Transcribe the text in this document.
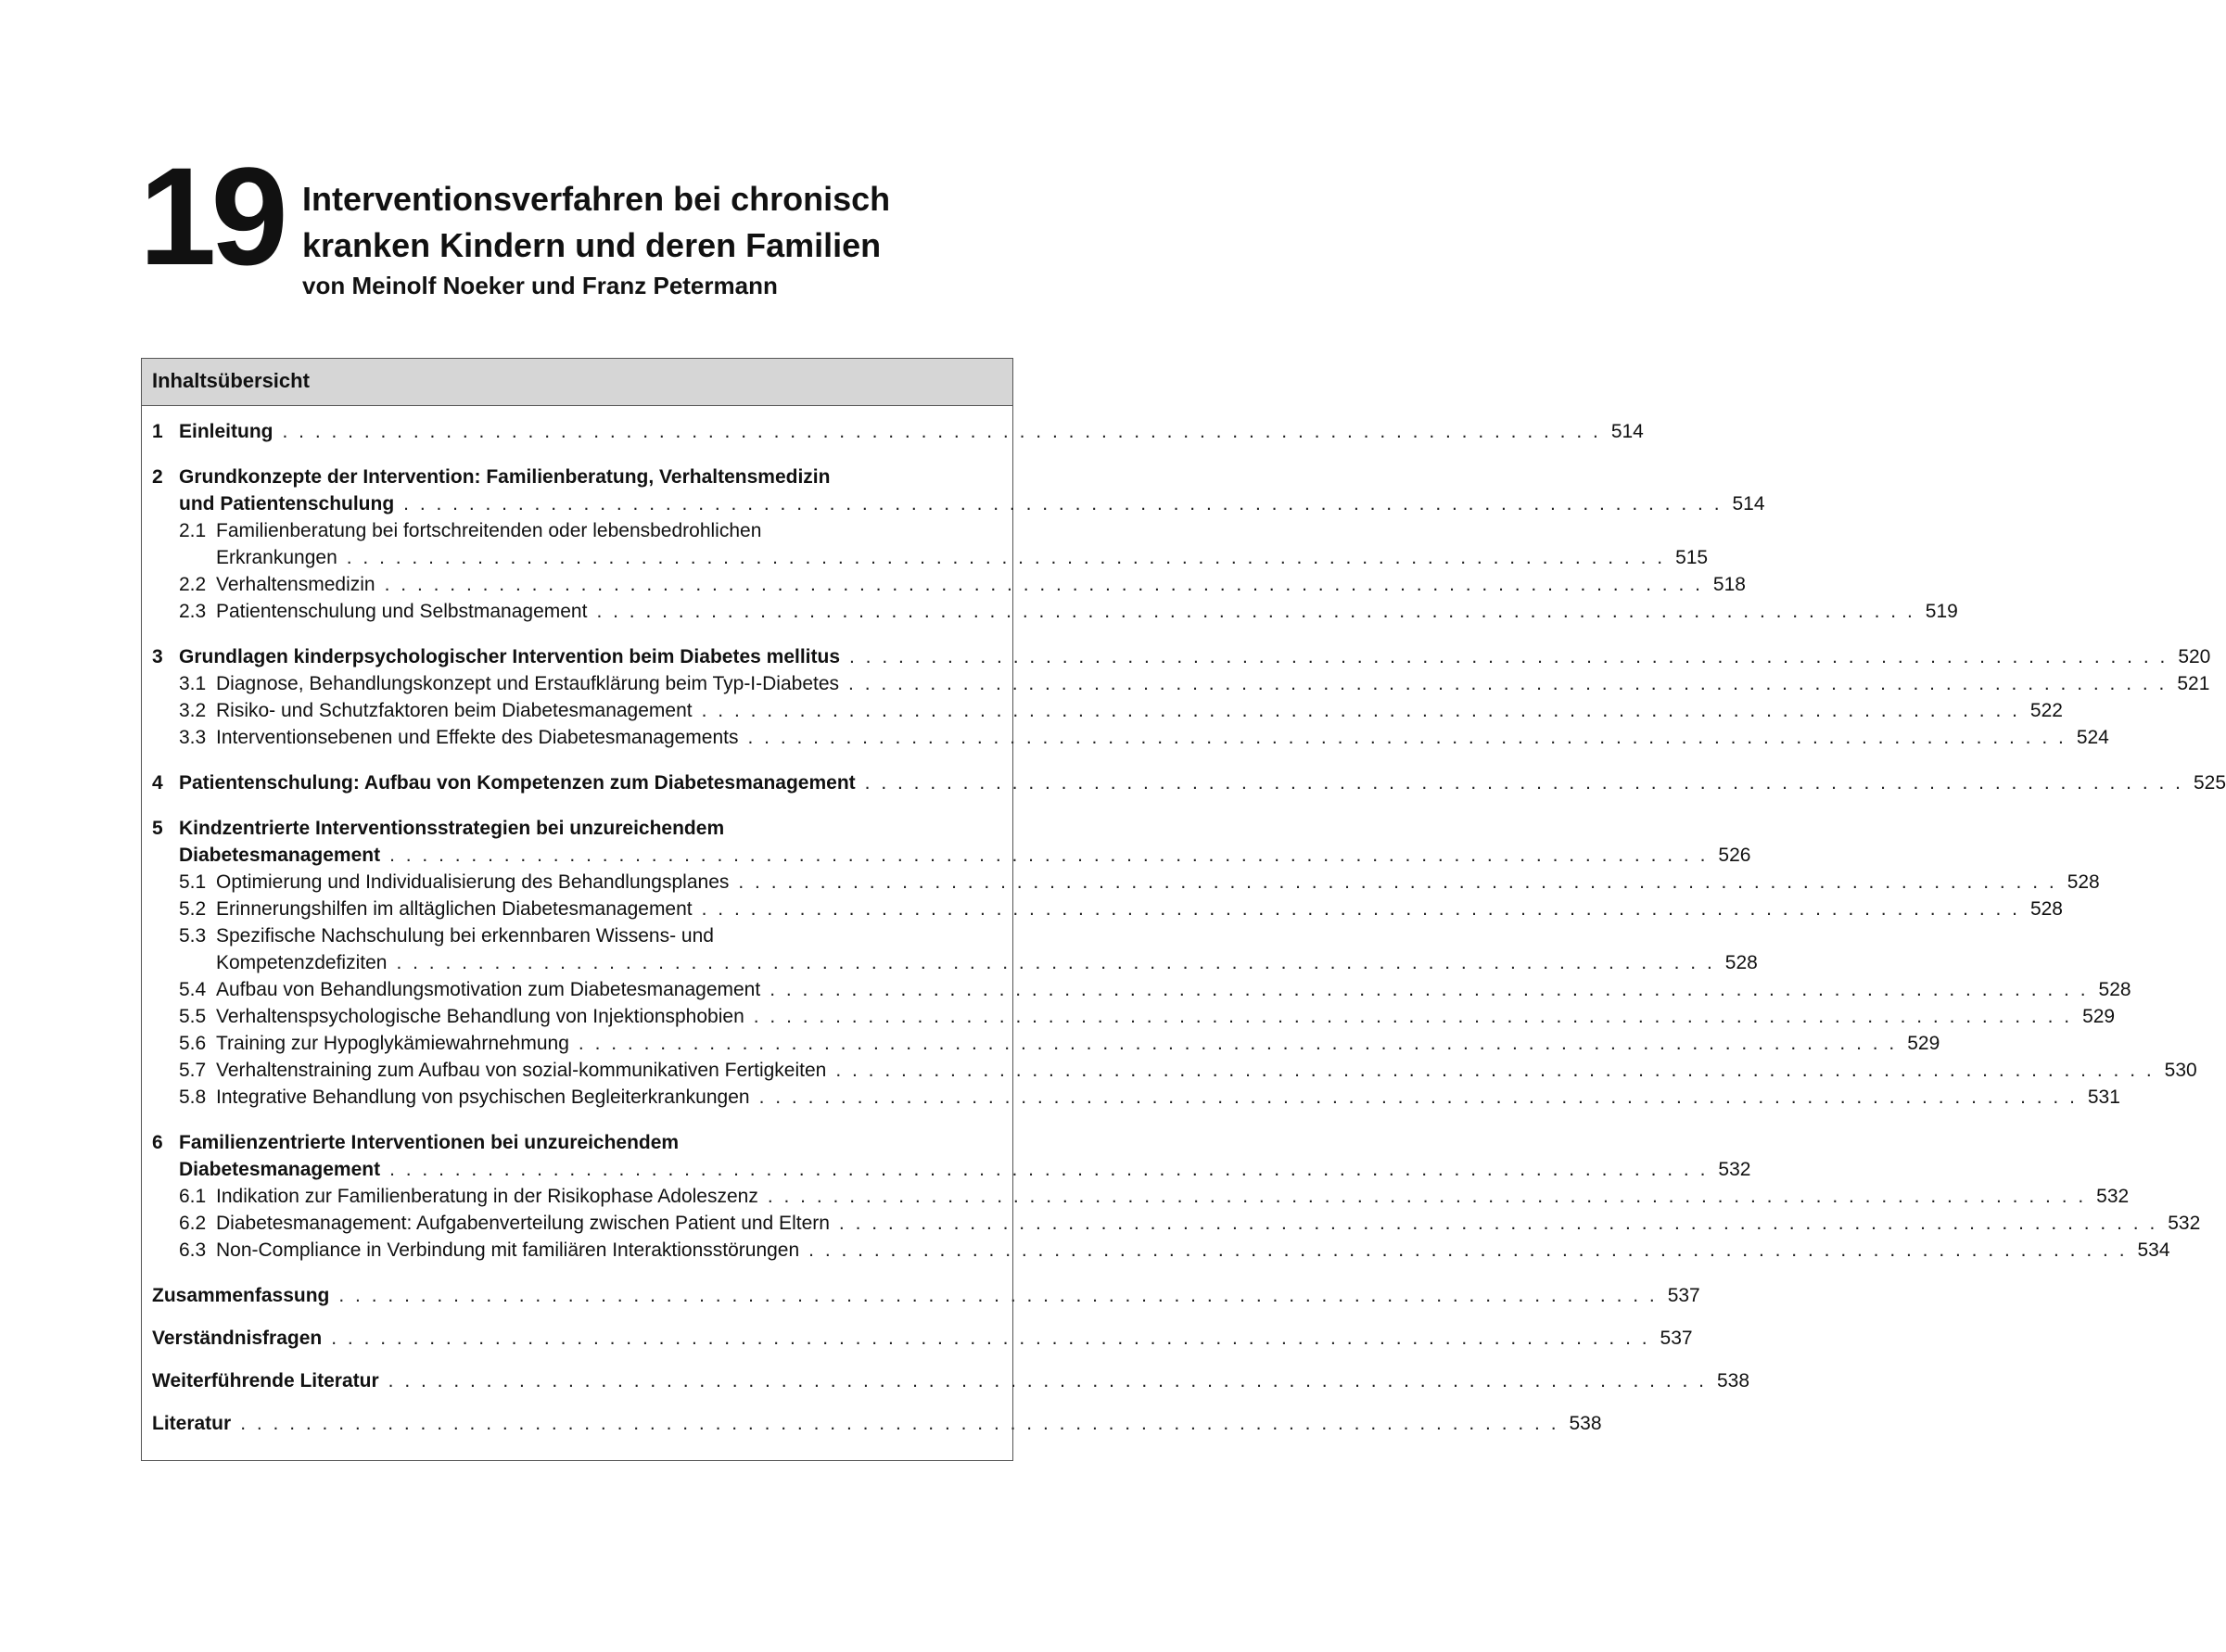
19 Interventionsverfahren bei chronisch
kranken Kindern und deren Familien
von Meinolf Noeker und Franz Petermann
Inhaltsübersicht
1 Einleitung . . . . . . . . . . . . . . . . . . . . . . . . . . . . . . . . . . . . . . . . . . . . . . . . . . . . . . . . . . . . . . . . . . . . . . . . . . . . . . . . . 514
2 Grundkonzepte der Intervention: Familienberatung, Verhaltensmedizin
und Patientenschulung . . . . . . . . . . . . . . . . . . . . . . . . . . . . . . . . . . . . . . . . . . . . . . . . . . . . . . . . . . . . . . . . . . . . . . . . . . . . . . . . . 514
2.1 Familienberatung bei fortschreitenden oder lebensbedrohlichen
Erkrankungen . . . . . . . . . . . . . . . . . . . . . . . . . . . . . . . . . . . . . . . . . . . . . . . . . . . . . . . . . . . . . . . . . . . . . . . . . . . . . . . . . 515
2.2 Verhaltensmedizin . . . . . . . . . . . . . . . . . . . . . . . . . . . . . . . . . . . . . . . . . . . . . . . . . . . . . . . . . . . . . . . . . . . . . . . . . . . . . . . . . 518
2.3 Patientenschulung und Selbstmanagement . . . . . . . . . . . . . . . . . . . . . . . . . . . . . . . . . . . . . . . . . . . . . . . . . . . . . . . . . . . . . . . . . . . . . . . . . . . . . . . . . 519
3 Grundlagen kinderpsychologischer Intervention beim Diabetes mellitus . . . . . . . . . . . . . . . . . . . . . . . . . . . . . . . . . . . . . . . . . . . . . . . . . . . . . . . . . . . . . . . . . . . . . . . . . . . . . . . . . 520
3.1 Diagnose, Behandlungskonzept und Erstaufklärung beim Typ-I-Diabetes . . . . . . . . . . . . . . . . . . . . . . . . . . . . . . . . . . . . . . . . . . . . . . . . . . . . . . . . . . . . . . . . . . . . . . . . . . . . . . . . . 521
3.2 Risiko- und Schutzfaktoren beim Diabetesmanagement . . . . . . . . . . . . . . . . . . . . . . . . . . . . . . . . . . . . . . . . . . . . . . . . . . . . . . . . . . . . . . . . . . . . . . . . . . . . . . . . . 522
3.3 Interventionsebenen und Effekte des Diabetesmanagements . . . . . . . . . . . . . . . . . . . . . . . . . . . . . . . . . . . . . . . . . . . . . . . . . . . . . . . . . . . . . . . . . . . . . . . . . . . . . . . . . 524
4 Patientenschulung: Aufbau von Kompetenzen zum Diabetesmanagement . . . . . . . . . . . . . . . . . . . . . . . . . . . . . . . . . . . . . . . . . . . . . . . . . . . . . . . . . . . . . . . . . . . . . . . . . . . . . . . . . 525
5 Kindzentrierte Interventionsstrategien bei unzureichendem
Diabetesmanagement . . . . . . . . . . . . . . . . . . . . . . . . . . . . . . . . . . . . . . . . . . . . . . . . . . . . . . . . . . . . . . . . . . . . . . . . . . . . . . . . . 526
5.1 Optimierung und Individualisierung des Behandlungsplanes . . . . . . . . . . . . . . . . . . . . . . . . . . . . . . . . . . . . . . . . . . . . . . . . . . . . . . . . . . . . . . . . . . . . . . . . . . . . . . . . . 528
5.2 Erinnerungshilfen im alltäglichen Diabetesmanagement . . . . . . . . . . . . . . . . . . . . . . . . . . . . . . . . . . . . . . . . . . . . . . . . . . . . . . . . . . . . . . . . . . . . . . . . . . . . . . . . . 528
5.3 Spezifische Nachschulung bei erkennbaren Wissens- und
Kompetenzdefiziten . . . . . . . . . . . . . . . . . . . . . . . . . . . . . . . . . . . . . . . . . . . . . . . . . . . . . . . . . . . . . . . . . . . . . . . . . . . . . . . . . 528
5.4 Aufbau von Behandlungsmotivation zum Diabetesmanagement . . . . . . . . . . . . . . . . . . . . . . . . . . . . . . . . . . . . . . . . . . . . . . . . . . . . . . . . . . . . . . . . . . . . . . . . . . . . . . . . . 528
5.5 Verhaltenspsychologische Behandlung von Injektionsphobien . . . . . . . . . . . . . . . . . . . . . . . . . . . . . . . . . . . . . . . . . . . . . . . . . . . . . . . . . . . . . . . . . . . . . . . . . . . . . . . . . 529
5.6 Training zur Hypoglykämiewahrnehmung . . . . . . . . . . . . . . . . . . . . . . . . . . . . . . . . . . . . . . . . . . . . . . . . . . . . . . . . . . . . . . . . . . . . . . . . . . . . . . . . . 529
5.7 Verhaltenstraining zum Aufbau von sozial-kommunikativen Fertigkeiten . . . . . . . . . . . . . . . . . . . . . . . . . . . . . . . . . . . . . . . . . . . . . . . . . . . . . . . . . . . . . . . . . . . . . . . . . . . . . . . . . 530
5.8 Integrative Behandlung von psychischen Begleiterkrankungen . . . . . . . . . . . . . . . . . . . . . . . . . . . . . . . . . . . . . . . . . . . . . . . . . . . . . . . . . . . . . . . . . . . . . . . . . . . . . . . . . 531
6 Familienzentrierte Interventionen bei unzureichendem
Diabetesmanagement . . . . . . . . . . . . . . . . . . . . . . . . . . . . . . . . . . . . . . . . . . . . . . . . . . . . . . . . . . . . . . . . . . . . . . . . . . . . . . . . . 532
6.1 Indikation zur Familienberatung in der Risikophase Adoleszenz . . . . . . . . . . . . . . . . . . . . . . . . . . . . . . . . . . . . . . . . . . . . . . . . . . . . . . . . . . . . . . . . . . . . . . . . . . . . . . . . . 532
6.2 Diabetesmanagement: Aufgabenverteilung zwischen Patient und Eltern . . . . . . . . . . . . . . . . . . . . . . . . . . . . . . . . . . . . . . . . . . . . . . . . . . . . . . . . . . . . . . . . . . . . . . . . . . . . . . . . . 532
6.3 Non-Compliance in Verbindung mit familiären Interaktionsstörungen . . . . . . . . . . . . . . . . . . . . . . . . . . . . . . . . . . . . . . . . . . . . . . . . . . . . . . . . . . . . . . . . . . . . . . . . . . . . . . . . . 534
Zusammenfassung . . . . . . . . . . . . . . . . . . . . . . . . . . . . . . . . . . . . . . . . . . . . . . . . . . . . . . . . . . . . . . . . . . . . . . . . . . . . . . . . . 537
Verständnisfragen . . . . . . . . . . . . . . . . . . . . . . . . . . . . . . . . . . . . . . . . . . . . . . . . . . . . . . . . . . . . . . . . . . . . . . . . . . . . . . . . . 537
Weiterführende Literatur . . . . . . . . . . . . . . . . . . . . . . . . . . . . . . . . . . . . . . . . . . . . . . . . . . . . . . . . . . . . . . . . . . . . . . . . . . . . . . . . . 538
Literatur . . . . . . . . . . . . . . . . . . . . . . . . . . . . . . . . . . . . . . . . . . . . . . . . . . . . . . . . . . . . . . . . . . . . . . . . . . . . . . . . . 538
